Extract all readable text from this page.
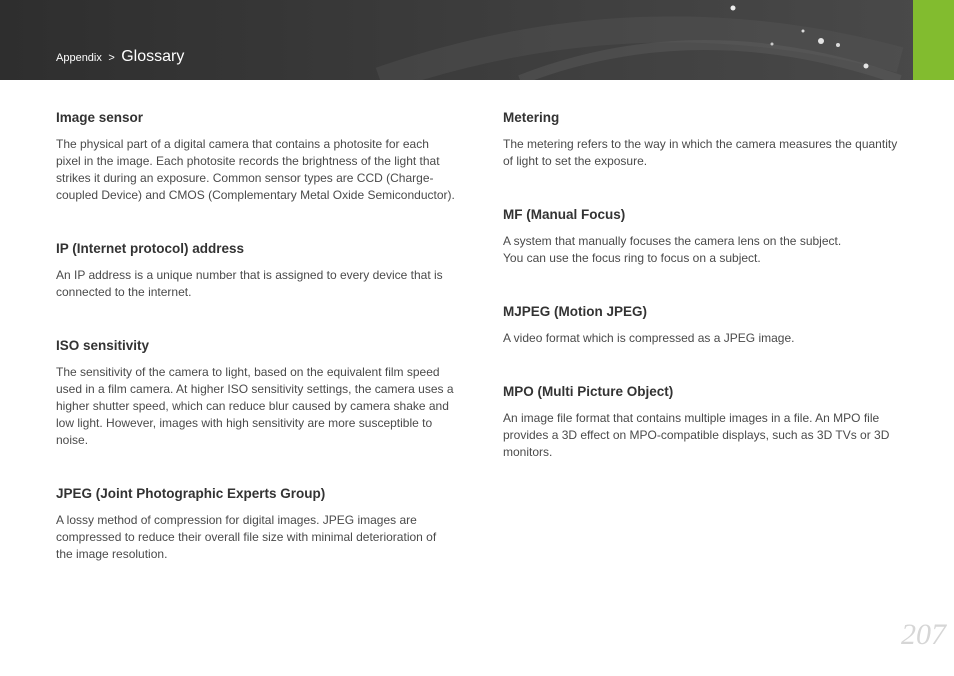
Appendix > Glossary
Image sensor

The physical part of a digital camera that contains a photosite for each
pixel in the image. Each photosite records the brightness of the light that
strikes it during an exposure. Common sensor types are CCD (Charge-
coupled Device) and CMOS (Complementary Metal Oxide Semiconductor).

IP (Internet protocol) address

An IP address is a unique number that is assigned to every device that is
connected to the internet.

ISO sensitivity

The sensitivity of the camera to light, based on the equivalent film speed
used in a film camera. At higher ISO sensitivity settings, the camera uses a
higher shutter speed, which can reduce blur caused by camera shake and
low light. However, images with high sensitivity are more susceptible to
noise.

JPEG (Joint Photographic Experts Group)

A lossy method of compression for digital images. JPEG images are
compressed to reduce their overall file size with minimal deterioration of
the image resolution.

Metering

The metering refers to the way in which the camera measures the quantity
of light to set the exposure.

MF (Manual Focus)

A system that manually focuses the camera lens on the subject.
You can use the focus ring to focus on a subject.

MJPEG (Motion JPEG)

A video format which is compressed as a JPEG image.

MPO (Multi Picture Object)

An image file format that contains multiple images in a file. An MPO file
provides a 3D effect on MPO-compatible displays, such as 3D TVs or 3D
monitors.

207
